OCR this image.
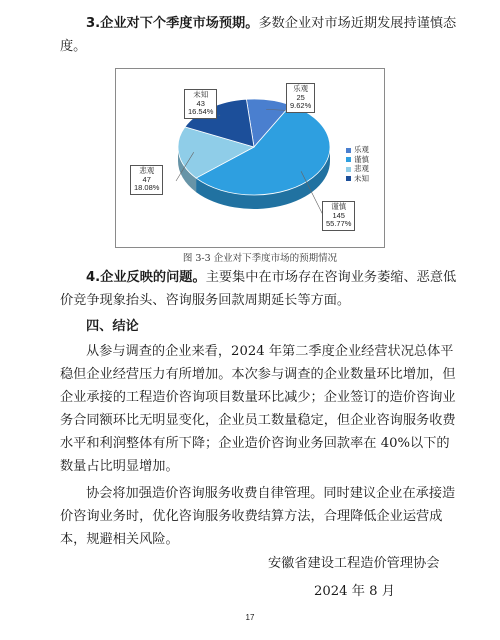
3.企业对下个季度市场预期。多数企业对市场近期发展持谨慎态度。

未知
43
16.54%
乐观
25
9.62%
悲观
47
18.08%
谨慎
145
55.77%
乐观
谨慎
悲观
未知
图 3-3 企业对下季度市场的预期情况

4.企业反映的问题。主要集中在市场存在咨询业务萎缩、恶意低价竞争现象抬头、咨询服务回款周期延长等方面。

四、结论

从参与调查的企业来看，2024 年第二季度企业经营状况总体平稳但企业经营压力有所增加。本次参与调查的企业数量环比增加，但企业承接的工程造价咨询项目数量环比减少；企业签订的造价咨询业务合同额环比无明显变化，企业员工数量稳定，但企业咨询服务收费水平和利润整体有所下降；企业造价咨询业务回款率在 40%以下的数量占比明显增加。

协会将加强造价咨询服务收费自律管理。同时建议企业在承接造价咨询业务时，优化咨询服务收费结算方法，合理降低企业运营成本，规避相关风险。

安徽省建设工程造价管理协会
2024 年 8 月
17
